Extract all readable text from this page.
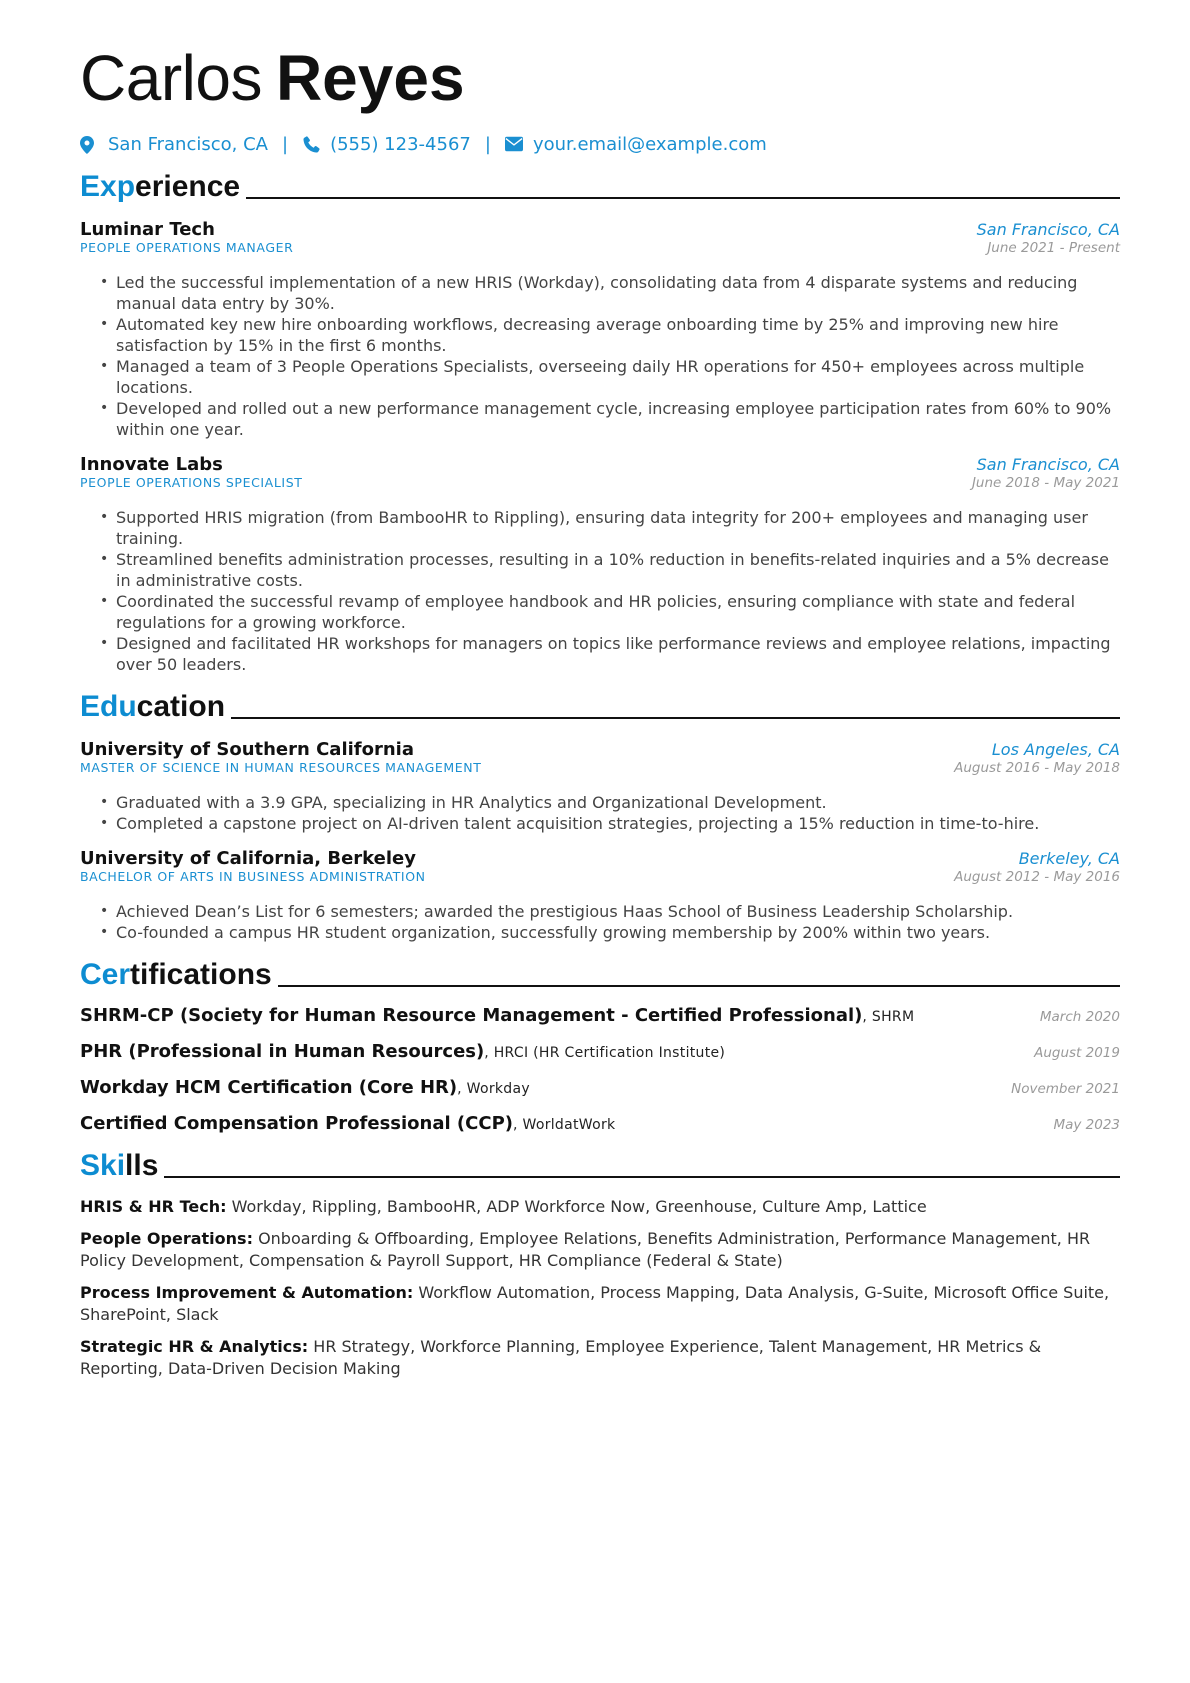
Carlos Reyes
San Francisco, CA | (555) 123-4567 | your.email@example.com
Experience
Luminar Tech	San Francisco, CA
PEOPLE OPERATIONS MANAGER	June 2021 - Present
• Led the successful implementation of a new HRIS (Workday), consolidating data from 4 disparate systems and reducing manual data entry by 30%.
• Automated key new hire onboarding workflows, decreasing average onboarding time by 25% and improving new hire satisfaction by 15% in the first 6 months.
• Managed a team of 3 People Operations Specialists, overseeing daily HR operations for 450+ employees across multiple locations.
• Developed and rolled out a new performance management cycle, increasing employee participation rates from 60% to 90% within one year.
Innovate Labs	San Francisco, CA
PEOPLE OPERATIONS SPECIALIST	June 2018 - May 2021
• Supported HRIS migration (from BambooHR to Rippling), ensuring data integrity for 200+ employees and managing user training.
• Streamlined benefits administration processes, resulting in a 10% reduction in benefits-related inquiries and a 5% decrease in administrative costs.
• Coordinated the successful revamp of employee handbook and HR policies, ensuring compliance with state and federal regulations for a growing workforce.
• Designed and facilitated HR workshops for managers on topics like performance reviews and employee relations, impacting over 50 leaders.
Education
University of Southern California	Los Angeles, CA
MASTER OF SCIENCE IN HUMAN RESOURCES MANAGEMENT	August 2016 - May 2018
• Graduated with a 3.9 GPA, specializing in HR Analytics and Organizational Development.
• Completed a capstone project on AI-driven talent acquisition strategies, projecting a 15% reduction in time-to-hire.
University of California, Berkeley	Berkeley, CA
BACHELOR OF ARTS IN BUSINESS ADMINISTRATION	August 2012 - May 2016
• Achieved Dean’s List for 6 semesters; awarded the prestigious Haas School of Business Leadership Scholarship.
• Co-founded a campus HR student organization, successfully growing membership by 200% within two years.
Certifications
SHRM-CP (Society for Human Resource Management - Certified Professional), SHRM	March 2020
PHR (Professional in Human Resources), HRCI (HR Certification Institute)	August 2019
Workday HCM Certification (Core HR), Workday	November 2021
Certified Compensation Professional (CCP), WorldatWork	May 2023
Skills
HRIS & HR Tech: Workday, Rippling, BambooHR, ADP Workforce Now, Greenhouse, Culture Amp, Lattice
People Operations: Onboarding & Offboarding, Employee Relations, Benefits Administration, Performance Management, HR Policy Development, Compensation & Payroll Support, HR Compliance (Federal & State)
Process Improvement & Automation: Workflow Automation, Process Mapping, Data Analysis, G-Suite, Microsoft Office Suite, SharePoint, Slack
Strategic HR & Analytics: HR Strategy, Workforce Planning, Employee Experience, Talent Management, HR Metrics & Reporting, Data-Driven Decision Making
